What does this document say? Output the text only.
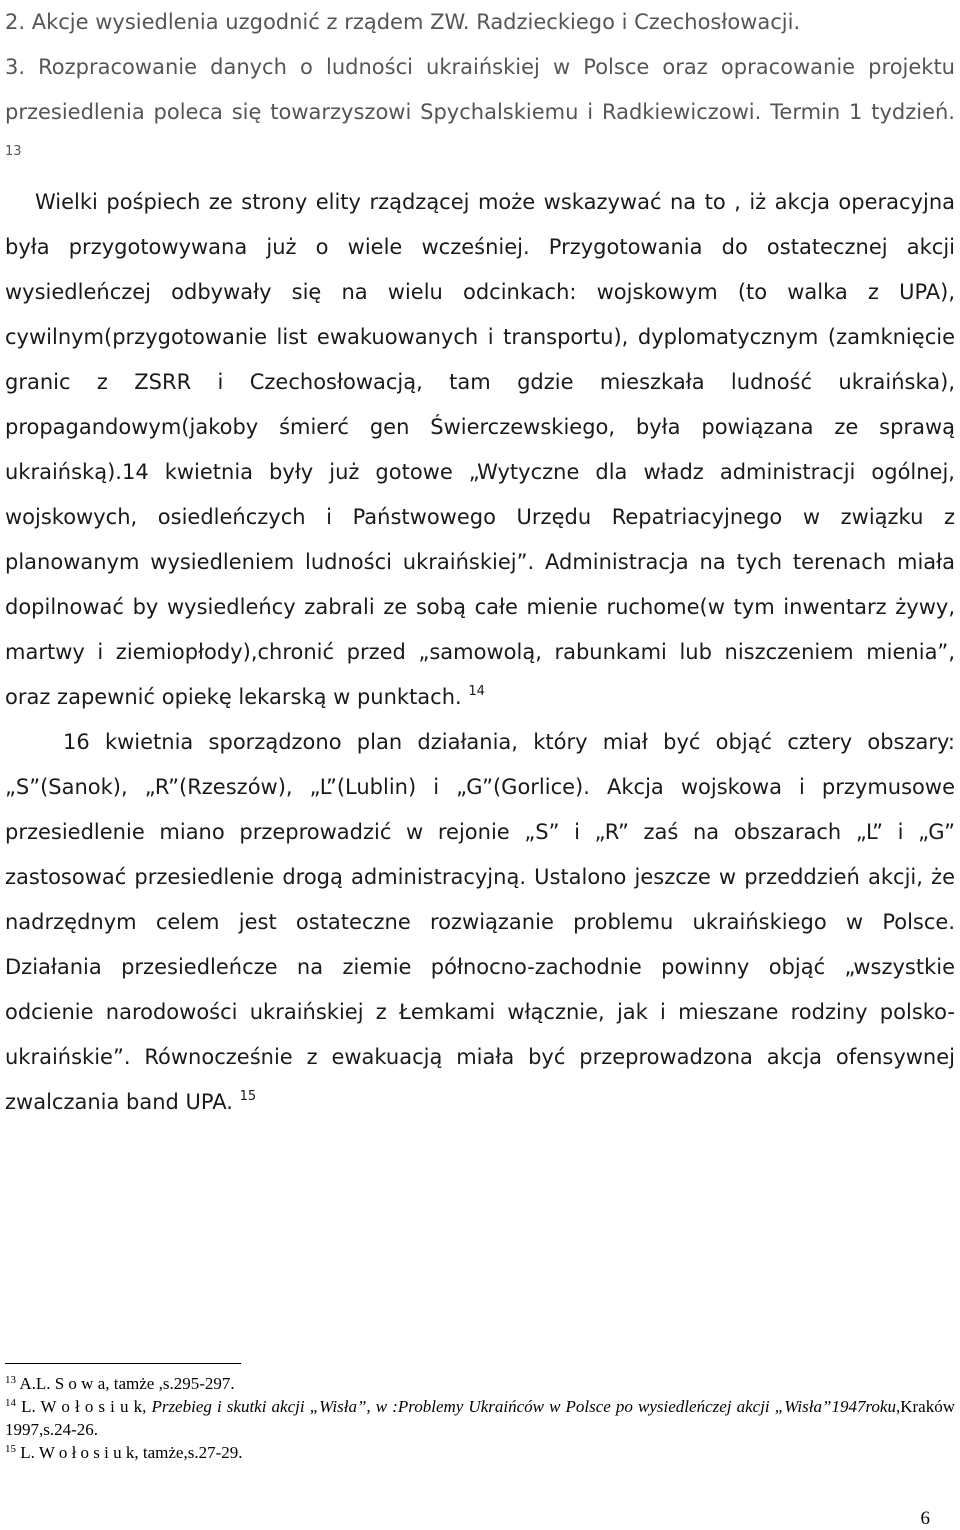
2. Akcje wysiedlenia uzgodnić z rządem ZW. Radzieckiego i Czechosłowacji.

3. Rozpracowanie danych o ludności ukraińskiej w Polsce oraz opracowanie projektu przesiedlenia poleca się towarzyszowi Spychalskiemu i Radkiewiczowi. Termin 1 tydzień. $^{13}$

Wielki pośpiech ze strony elity rządzącej może wskazywać na to , iż akcja operacyjna była przygotowywana już o wiele wcześniej. Przygotowania do ostatecznej akcji wysiedleńczej odbywały się na wielu odcinkach: wojskowym (to walka z UPA), cywilnym(przygotowanie list ewakuowanych i transportu), dyplomatycznym (zamknięcie granic z ZSRR i Czechosłowacją, tam gdzie mieszkała ludność ukraińska), propagandowym(jakoby śmierć gen Świerczewskiego, była powiązana ze sprawą ukraińską).14 kwietnia były już gotowe „Wytyczne dla władz administracji ogólnej, wojskowych, osiedleńczych i Państwowego Urzędu Repatriacyjnego w związku z planowanym wysiedleniem ludności ukraińskiej”. Administracja na tych terenach miała dopilnować by wysiedleńcy zabrali ze sobą całe mienie ruchome(w tym inwentarz żywy, martwy i ziemiopłody),chronić przed „samowolą, rabunkami lub niszczeniem mienia”, oraz zapewnić opiekę lekarską w punktach. $^{14}$

16 kwietnia sporządzono plan działania, który miał być objąć cztery obszary: „S”(Sanok), „R”(Rzeszów), „L”(Lublin) i „G”(Gorlice). Akcja wojskowa i przymusowe przesiedlenie miano przeprowadzić w rejonie „S” i „R” zaś na obszarach „L” i „G” zastosować przesiedlenie drogą administracyjną. Ustalono jeszcze w przeddzień akcji, że nadrzędnym celem jest ostateczne rozwiązanie problemu ukraińskiego w Polsce. Działania przesiedleńcze na ziemie północno-zachodnie powinny objąć „wszystkie odcienie narodowości ukraińskiej z Łemkami włącznie, jak i mieszane rodziny polsko-ukraińskie”. Równocześnie z ewakuacją miała być przeprowadzona akcja ofensywnej zwalczania band UPA. $^{15}$

$^{13}$ A.L. S o w a, tamże ,s.295-297.

$^{14}$ L. W o ł o s i u k, Przebieg i skutki akcji „Wisła”, w :Problemy Ukraińców w Polsce po wysiedleńczej akcji „Wisła”1947roku,Kraków 1997,s.24-26.

$^{15}$ L. W o ł o s i u k, tamże,s.27-29.

6
